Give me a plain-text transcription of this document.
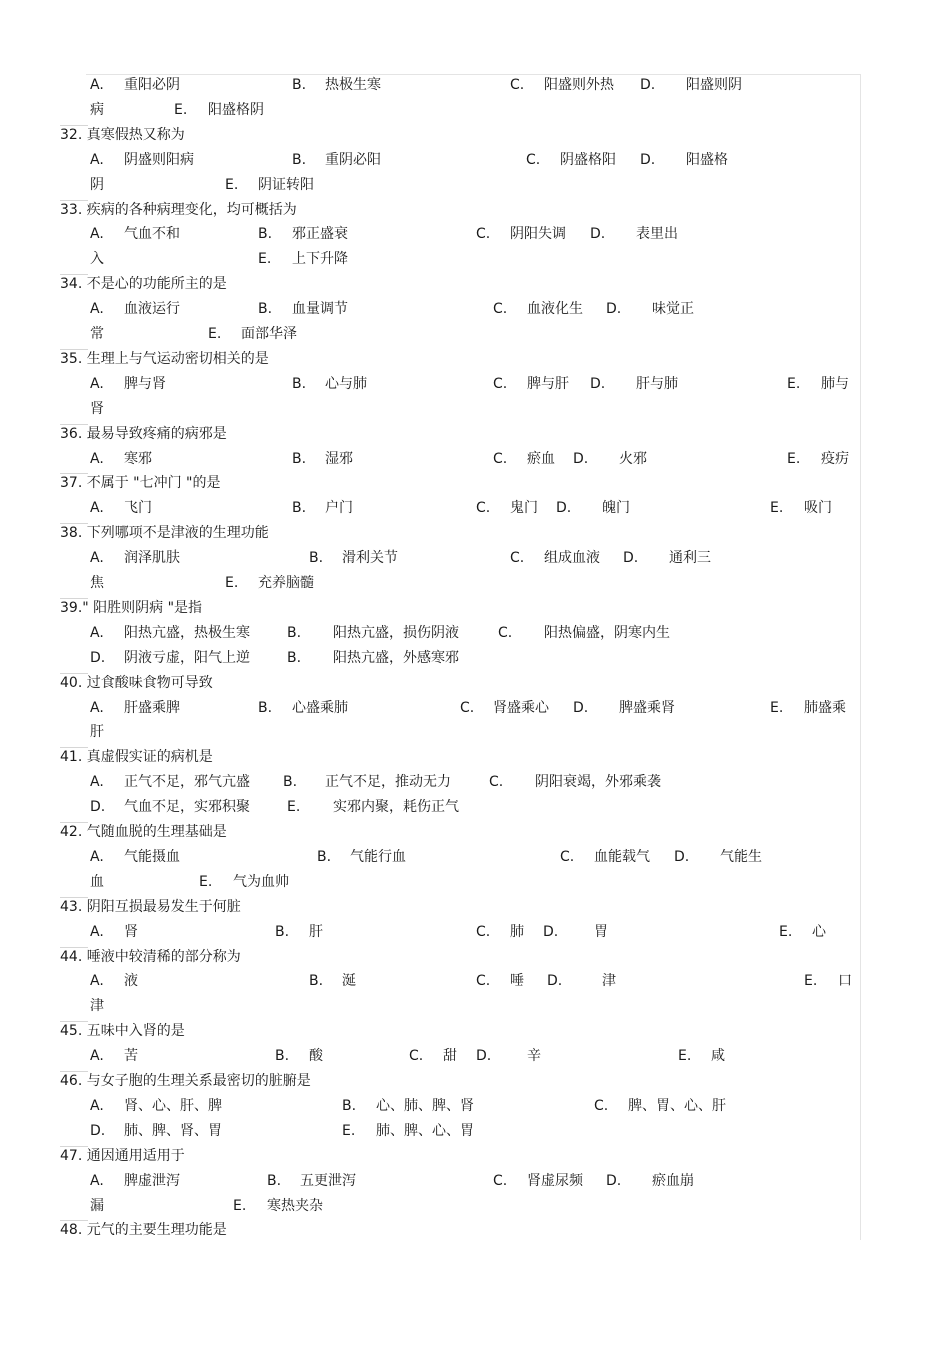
A. 重阳必阴	B. 热极生寒	C. 阳盛则外热 D. 阳盛则阴
病	E. 阳盛格阴
32. 真寒假热又称为
A. 阴盛则阳病	B. 重阴必阳	C. 阴盛格阳 D. 阳盛格
阴	E. 阴证转阳
33. 疾病的各种病理变化，均可概括为
A. 气血不和	B. 邪正盛衰	C. 阴阳失调 D. 表里出
入	E. 上下升降
34. 不是心的功能所主的是
A. 血液运行	B. 血量调节	C. 血液化生 D. 味觉正
常	E. 面部华泽
35. 生理上与气运动密切相关的是
A. 脾与肾	B. 心与肺	C. 脾与肝 D. 肝与肺	E. 肺与
肾
36. 最易导致疼痛的病邪是
A. 寒邪	B. 湿邪	C. 瘀血 D. 火邪	E. 疫疠
37. 不属于 "七冲门 "的是
A. 飞门	B. 户门	C. 鬼门 D. 魄门	E. 吸门
38. 下列哪项不是津液的生理功能
A. 润泽肌肤	B. 滑利关节	C. 组成血液 D. 通利三
焦	E. 充养脑髓
39." 阳胜则阴病 "是指
A. 阳热亢盛，热极生寒	B. 阳热亢盛，损伤阴液	C. 阳热偏盛，阴寒内生
D. 阴液亏虚，阳气上逆	B. 阳热亢盛，外感寒邪
40. 过食酸味食物可导致
A. 肝盛乘脾	B. 心盛乘肺	C. 肾盛乘心 D. 脾盛乘肾	E. 肺盛乘
肝
41. 真虚假实证的病机是
A. 正气不足，邪气亢盛 B. 正气不足，推动无力	C. 阴阳衰竭，外邪乘袭
D. 气血不足，实邪积聚	E. 实邪内聚，耗伤正气
42. 气随血脱的生理基础是
A. 气能摄血	B. 气能行血	C. 血能载气 D. 气能生
血	E. 气为血帅
43. 阴阳互损最易发生于何脏
A. 肾	B. 肝	C. 肺 D.	胃	E. 心
44. 唾液中较清稀的部分称为
A. 液	B. 涎	C. 唾 D.	津	E. 口
津
45. 五味中入肾的是
A. 苦	B. 酸	C. 甜 D.	辛	E. 咸
46. 与女子胞的生理关系最密切的脏腑是
A. 肾、心、肝、脾	B. 心、肺、脾、肾	C. 脾、胃、心、肝
D. 肺、脾、肾、胃	E. 肺、脾、心、胃
47. 通因通用适用于
A. 脾虚泄泻	B. 五更泄泻	C. 肾虚尿频 D. 瘀血崩
漏	E. 寒热夹杂
48. 元气的主要生理功能是
